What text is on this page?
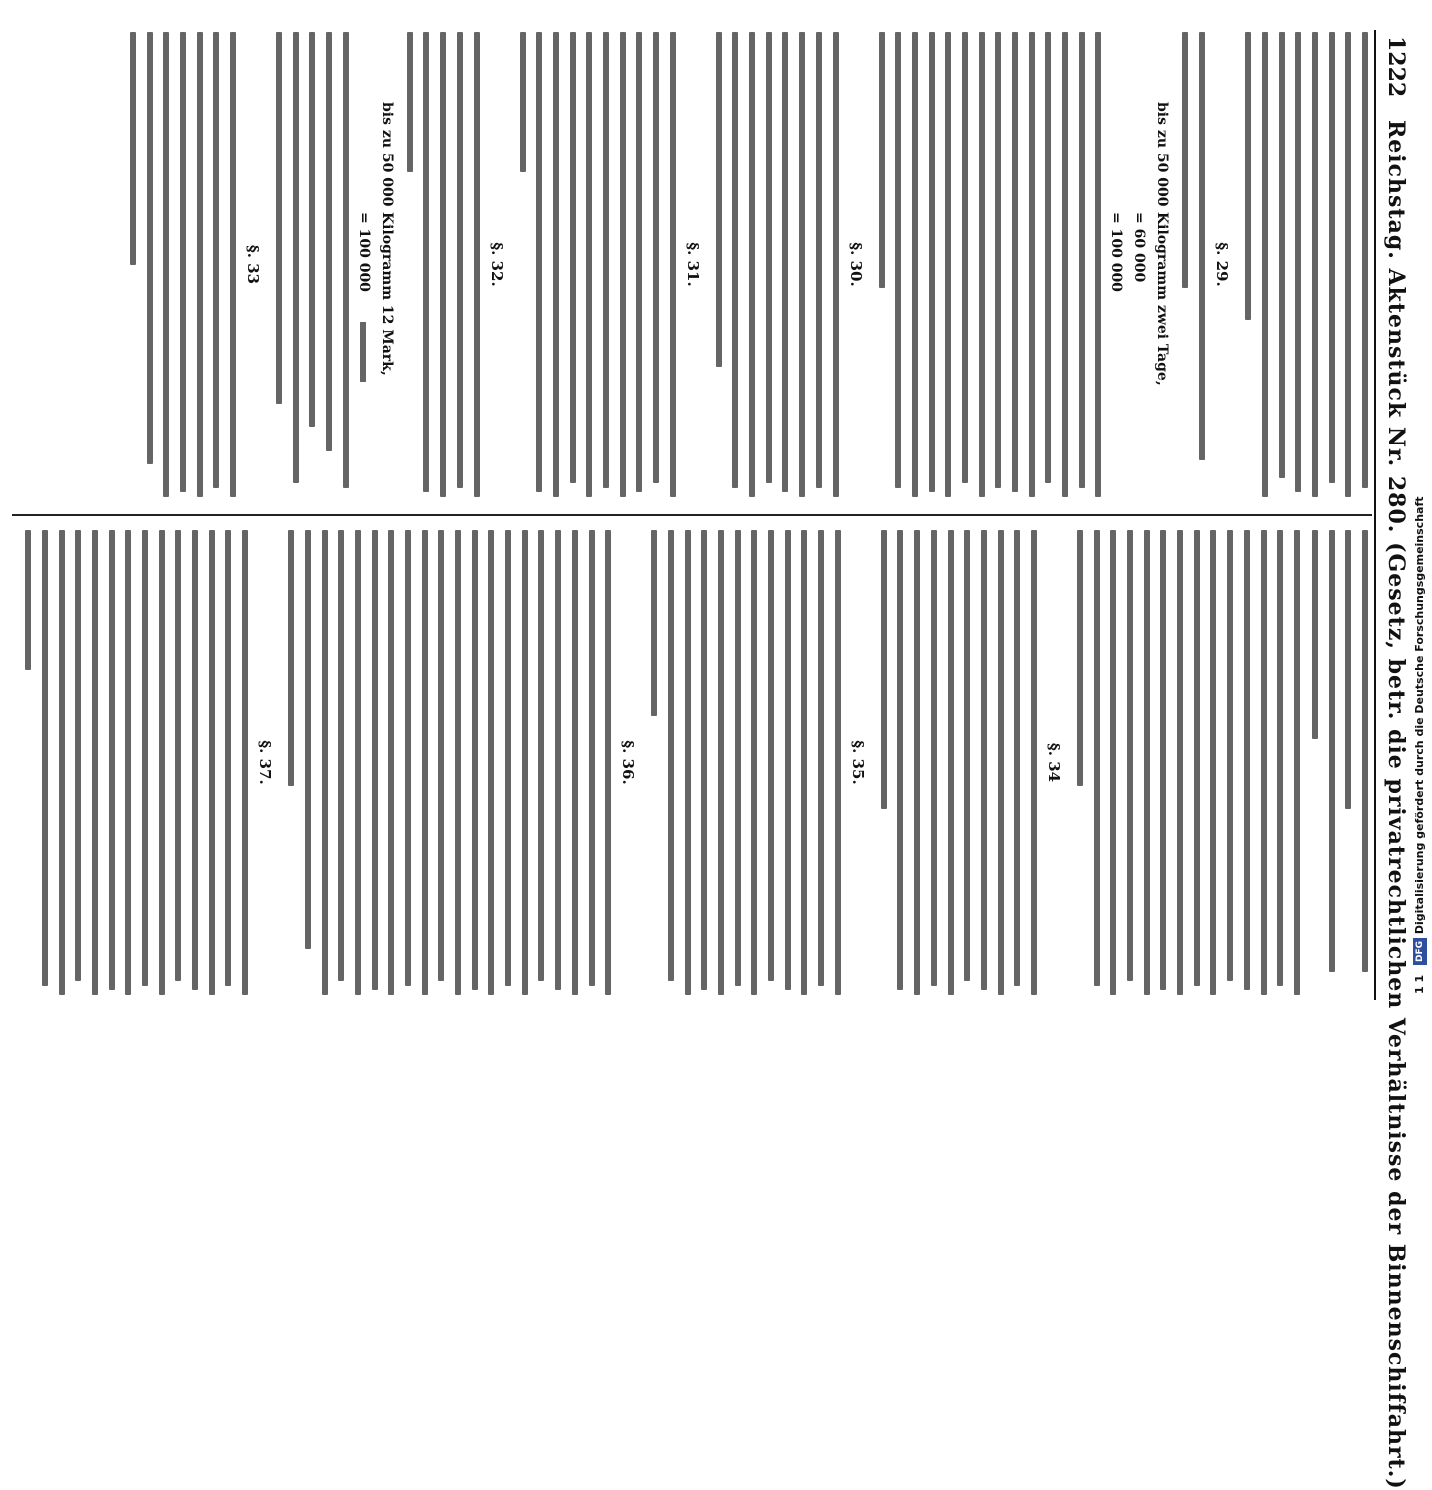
1222
Reichstag. Aktenstück Nr. 280. (Gesetz, betr. die privatrechtlichen Verhältnisse der Binnenschiffahrt.)
§. 29.
bis zu 50 000
Kilogramm zwei Tage,
= 60 000
= 100 000
§. 30.
§. 31.
§. 32.
bis zu 50 000
Kilogramm 12 Mark,
= 100 000
§. 33
§. 34
§. 35.
§. 36.
§. 37.
1 1 DFG Digitalisierung gefördert durch die Deutsche Forschungsgemeinschaft
